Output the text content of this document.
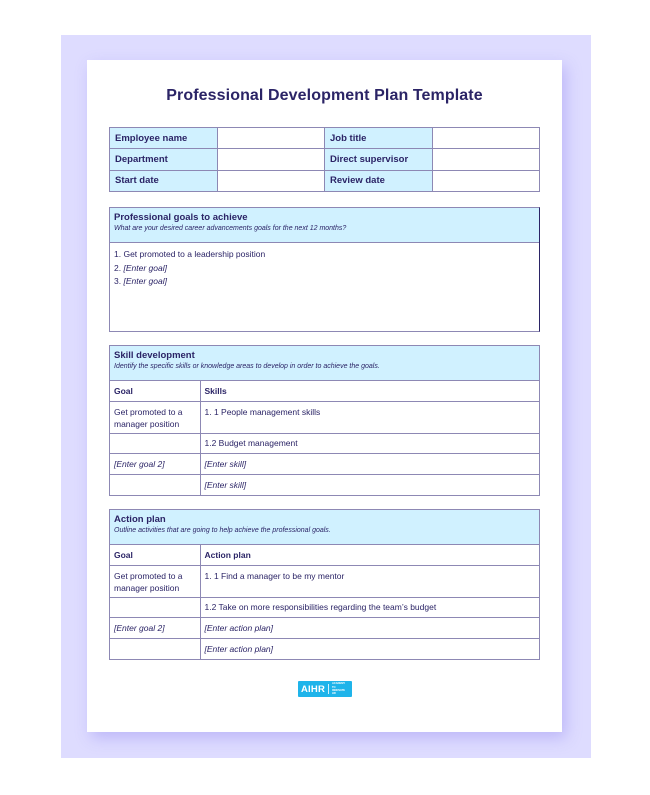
Professional Development Plan Template
Employee name		Job title	
Department		Direct supervisor	
Start date		Review date	
Professional goals to achieve
What are your desired career advancements goals for the next 12 months?
1. Get promoted to a leadership position
2. [Enter goal]
3. [Enter goal]
Skill development
Identify the specific skills or knowledge areas to develop in order to achieve the goals.
Goal	Skills
Get promoted to a manager position	1. 1 People management skills
	1.2 Budget management
[Enter goal 2]	[Enter skill]
	[Enter skill]
Action plan
Outline activities that are going to help achieve the professional goals.
Goal	Action plan
Get promoted to a manager position	1. 1 Find a manager to be my mentor
	1.2 Take on more responsibilities regarding the team’s budget
[Enter goal 2]	[Enter action plan]
	[Enter action plan]
AIHR	ACADEMY TO
INNOVATE HR
